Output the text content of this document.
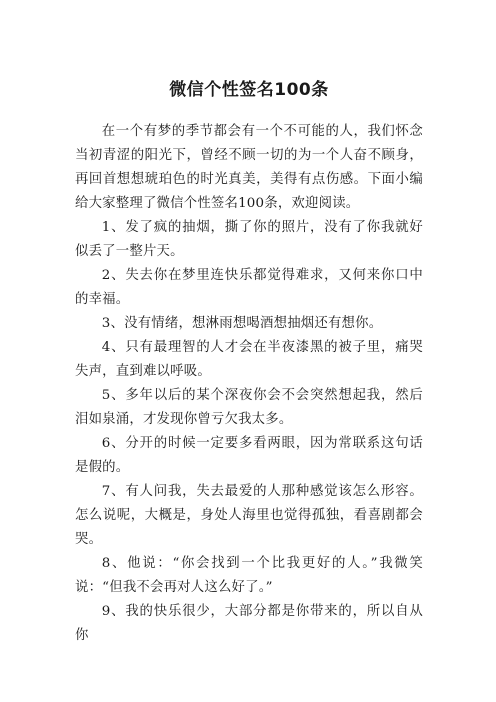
微信个性签名100条

在一个有梦的季节都会有一个不可能的人，我们怀念当初青涩的阳光下，曾经不顾一切的为一个人奋不顾身，再回首想想琥珀色的时光真美，美得有点伤感。下面小编给大家整理了微信个性签名100条，欢迎阅读。

1、发了疯的抽烟，撕了你的照片，没有了你我就好似丢了一整片天。

2、失去你在梦里连快乐都觉得难求，又何来你口中的幸福。

3、没有情绪，想淋雨想喝酒想抽烟还有想你。

4、只有最理智的人才会在半夜漆黑的被子里，痛哭失声，直到难以呼吸。

5、多年以后的某个深夜你会不会突然想起我，然后泪如泉涌，才发现你曾亏欠我太多。

6、分开的时候一定要多看两眼，因为常联系这句话是假的。

7、有人问我，失去最爱的人那种感觉该怎么形容。怎么说呢，大概是，身处人海里也觉得孤独，看喜剧都会哭。

8、他说：“你会找到一个比我更好的人。”我微笑说：“但我不会再对人这么好了。”

9、我的快乐很少，大部分都是你带来的，所以自从你
